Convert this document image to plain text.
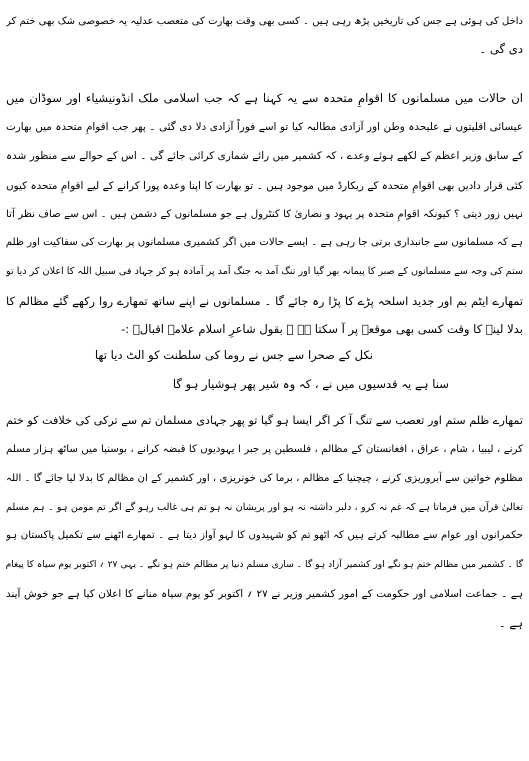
داخل کی ہوئی ہے جس کی تاریخیں پڑھ رہی ہیں ۔ کسی بھی وقت بھارت کی متعصب عدلیہ یہ خصوصی شک بھی ختم کر
دی گی ۔
ان حالات میں مسلمانوں کا اقوامِ متحدہ سے یہ کہنا ہے کہ جب اسلامی ملک انڈونیشیاء اور سوڈان میں
عیسائی اقلیتوں نے علیحدہ وطن اور آزادی مطالبہ کیا تو اسے فوراً آزادی دلا دی گئی ۔ پھر جب اقوامِ متحدہ میں بھارت
کے سابق وزیر اعظم کے لکھے ہوئے وعدے ، کہ کشمیر میں رائے شماری کرائی جائے گی ۔ اس کے حوالے سے منظور شدہ
کئی قرار دادیں بھی اقوامِ متحدہ کے ریکارڈ میں موجود ہیں ۔ تو بھارت کا اپنا وعدہ پورا کرانے کے لیے اقوامِ متحدہ کیوں
نہیں زور دیتی ؟ کیونکہ اقوامِ متحدہ پر یہود و نصاریٰ کا کنٹرول ہے جو مسلمانوں کے دشمن ہیں ۔ اس سے صاف نظر آتا
ہے کہ مسلمانوں سے جانبداری برتی جا رہی ہے ۔ ایسے حالات میں اگر کشمیری مسلمانوں پر بھارت کی سفاکیت اور ظلم
ستم کی وجہ سے مسلمانوں کے صبر کا پیمانہ بھر گیا اور تنگ آمد بہ جنگ آمد پر آمادہ ہو کر جہاد فی سبیل اللہ کا اعلان کر دیا تو
تمھارے ایٹم بم اور جدید اسلحہ پڑے کا پڑا رہ جائے گا ۔ مسلمانوں نے اپنے ساتھ تمھارے روا رکھے گئے مظالم کا
بدلا لینے کا وقت کسی بھی موقعہ پر آ سکتا ہے ۔ بقول شاعرِ اسلام علامہ اقبالؒ :-
نکل کے صحرا سے جس نے روما کی سلطنت کو الٹ دیا تھا
سنا ہے یہ قدسیوں میں نے ، کہ وہ شیر پھر ہوشیار ہو گا
تمھارے ظلم ستم اور تعصب سے تنگ آ کر اگر ایسا ہو گیا تو پھر جہادی مسلمان تم سے ترکی کی خلافت کو ختم
کرنے ، لیبیا ، شام ، عراق ، افغانستان کے مظالم ، فلسطین پر جبر ا یہودیوں کا قبضہ کرانے ، بوسنیا میں ساٹھ ہزار مسلم
مظلوم خواتین سے آبروریزی کرنے ، چیچنیا کے مظالم ، برما کی خونریزی ، اور کشمیر کے ان مظالم کا بدلا لیا جائے گا ۔ اللہ
تعالیٰ قرآن میں فرماتا ہے کہ غم نہ کرو ، دلبر داشتہ نہ ہو اور پریشان نہ ہو تم ہی غالب رہو گے اگر تم مومن ہو ۔ ہم مسلم
حکمرانوں اور عوام سے مطالبہ کرتے ہیں کہ اٹھو تم کو شہیدوں کا لہو آواز دیتا ہے ۔ تمھارے اٹھنے سے تکمیل پاکستان ہو
گا ۔ کشمیر میں مظالم ختم ہو نگے اور کشمیر آزاد ہو گا ۔ ساری مسلم دنیا پر مظالم ختم ہو نگے ۔ یہی ۲۷ ؍ اکتوبر یوم سیاہ کا پیغام
ہے ۔ جماعت اسلامی اور حکومت کے امور کشمیر وزیر نے ۲۷ ؍ اکتوبر کو یوم سیاہ منانے کا اعلان کیا ہے جو خوش آیند
ہے ۔
